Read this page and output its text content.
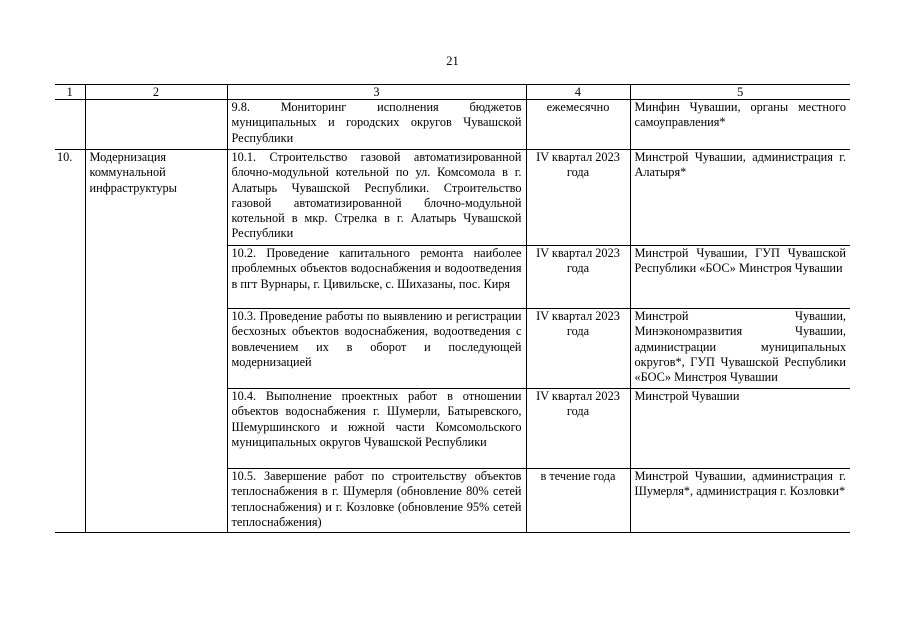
21
1	2	3	4	5
		9.8. Мониторинг исполнения бюджетов муниципальных и городских округов Чувашской Республики	ежемесячно	Минфин Чувашии, органы местного самоуправления*
10.	Модернизация коммунальной инфраструктуры	10.1. Строительство газовой автоматизированной блочно-модульной котельной по ул. Комсомола в г. Алатырь Чувашской Республики. Строительство газовой автоматизированной блочно-модульной котельной в мкр. Стрелка в г. Алатырь Чувашской Республики	IV квартал 2023 года	Минстрой Чувашии, администрация г. Алатыря*
		10.2. Проведение капитального ремонта наиболее проблемных объектов водоснабжения и водоотведения в пгт Вурнары, г. Цивильске, с. Шихазаны, пос. Киря	IV квартал 2023 года	Минстрой Чувашии, ГУП Чувашской Республики «БОС» Минстроя Чувашии
		10.3. Проведение работы по выявлению и регистрации бесхозных объектов водоснабжения, водоотведения с вовлечением их в оборот и последующей модернизацией	IV квартал 2023 года	Минстрой Чувашии, Минэкономразвития Чувашии, администрации муниципальных округов*, ГУП Чувашской Республики «БОС» Минстроя Чувашии
		10.4. Выполнение проектных работ в отношении объектов водоснабжения г. Шумерли, Батыревского, Шемуршинского и южной части Комсомольского муниципальных округов Чувашской Республики	IV квартал 2023 года	Минстрой Чувашии
		10.5. Завершение работ по строительству объектов теплоснабжения в г. Шумерля (обновление 80% сетей теплоснабжения) и г. Козловке (обновление 95% сетей теплоснабжения)	в течение года	Минстрой Чувашии, администрация г. Шумерля*, администрация г. Козловки*
